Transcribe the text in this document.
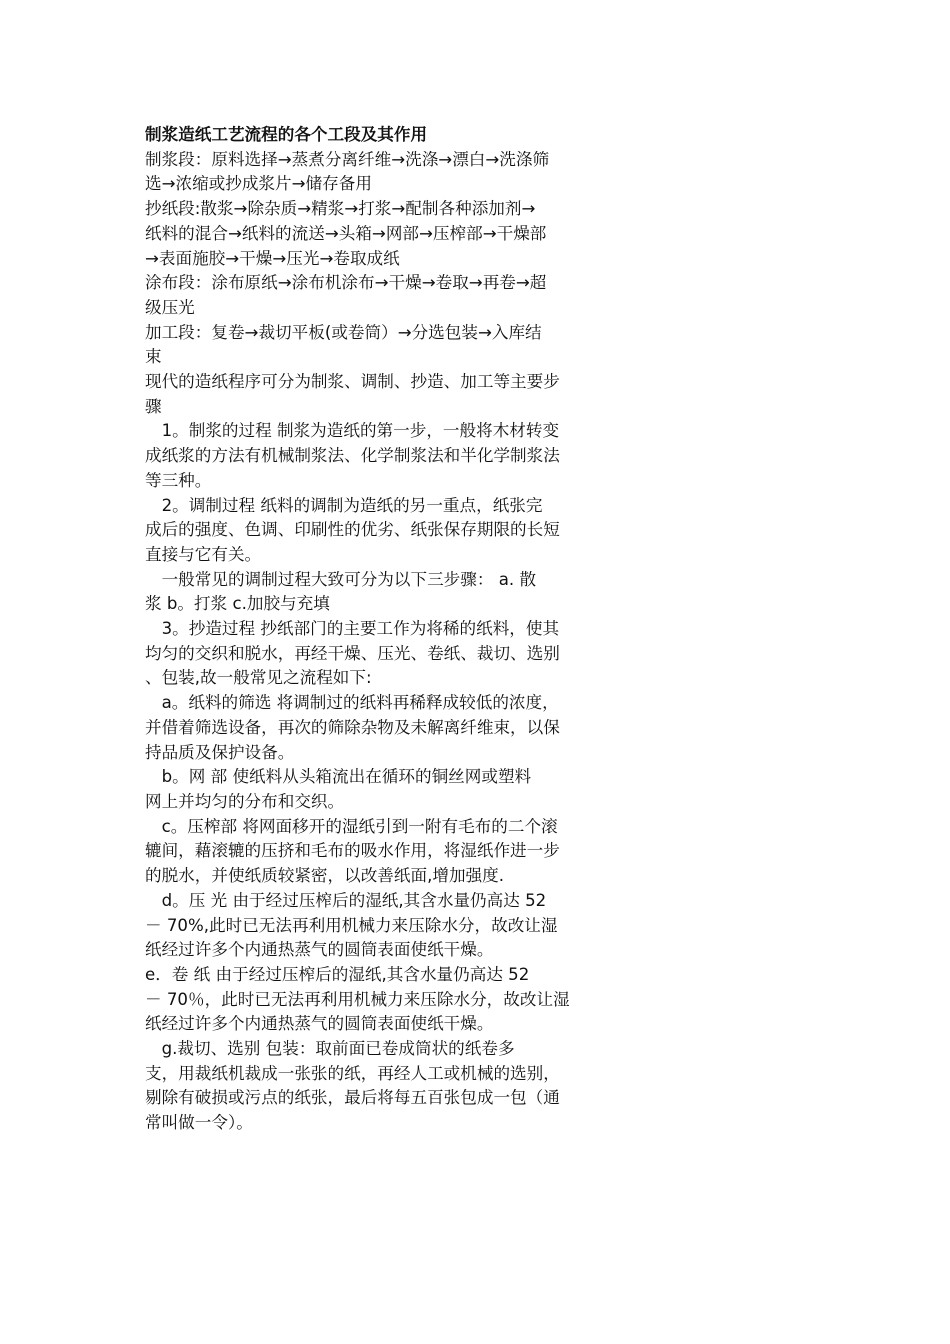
制浆造纸工艺流程的各个工段及其作用

制浆段：原料选择→蒸煮分离纤维→洗涤→漂白→洗涤筛

选→浓缩或抄成浆片→储存备用

抄纸段:散浆→除杂质→精浆→打浆→配制各种添加剂→

纸料的混合→纸料的流送→头箱→网部→压榨部→干燥部

→表面施胶→干燥→压光→卷取成纸

涂布段：涂布原纸→涂布机涂布→干燥→卷取→再卷→超

级压光

加工段：复卷→裁切平板(或卷筒）→分选包装→入库结

束

现代的造纸程序可分为制浆、调制、抄造、加工等主要步

骤

　1。制浆的过程 制浆为造纸的第一步，一般将木材转变

成纸浆的方法有机械制浆法、化学制浆法和半化学制浆法

等三种。

　2。调制过程 纸料的调制为造纸的另一重点，纸张完

成后的强度、色调、印刷性的优劣、纸张保存期限的长短

直接与它有关。

　一般常见的调制过程大致可分为以下三步骤： a. 散

浆 b。打浆 c.加胶与充填

　3。抄造过程 抄纸部门的主要工作为将稀的纸料，使其

均匀的交织和脱水，再经干燥、压光、卷纸、裁切、选别

、包装,故一般常见之流程如下:

　a。纸料的筛选 将调制过的纸料再稀释成较低的浓度，

并借着筛选设备，再次的筛除杂物及未解离纤维束，以保

持品质及保护设备。

　b。网 部 使纸料从头箱流出在循环的铜丝网或塑料

网上并均匀的分布和交织。

　c。压榨部 将网面移开的湿纸引到一附有毛布的二个滚

辘间，藉滚辘的压挤和毛布的吸水作用，将湿纸作进一步

的脱水，并使纸质较紧密，以改善纸面,增加强度.

　d。压 光 由于经过压榨后的湿纸,其含水量仍高达 52

－ 70%,此时已无法再利用机械力来压除水分，故改让湿

纸经过许多个内通热蒸气的圆筒表面使纸干燥。

e．卷 纸 由于经过压榨后的湿纸,其含水量仍高达 52

－ 70％，此时已无法再利用机械力来压除水分，故改让湿

纸经过许多个内通热蒸气的圆筒表面使纸干燥。

　g.裁切、选别 包装：取前面已卷成筒状的纸卷多

支，用裁纸机裁成一张张的纸，再经人工或机械的选别，

剔除有破损或污点的纸张，最后将每五百张包成一包（通

常叫做一令）。
